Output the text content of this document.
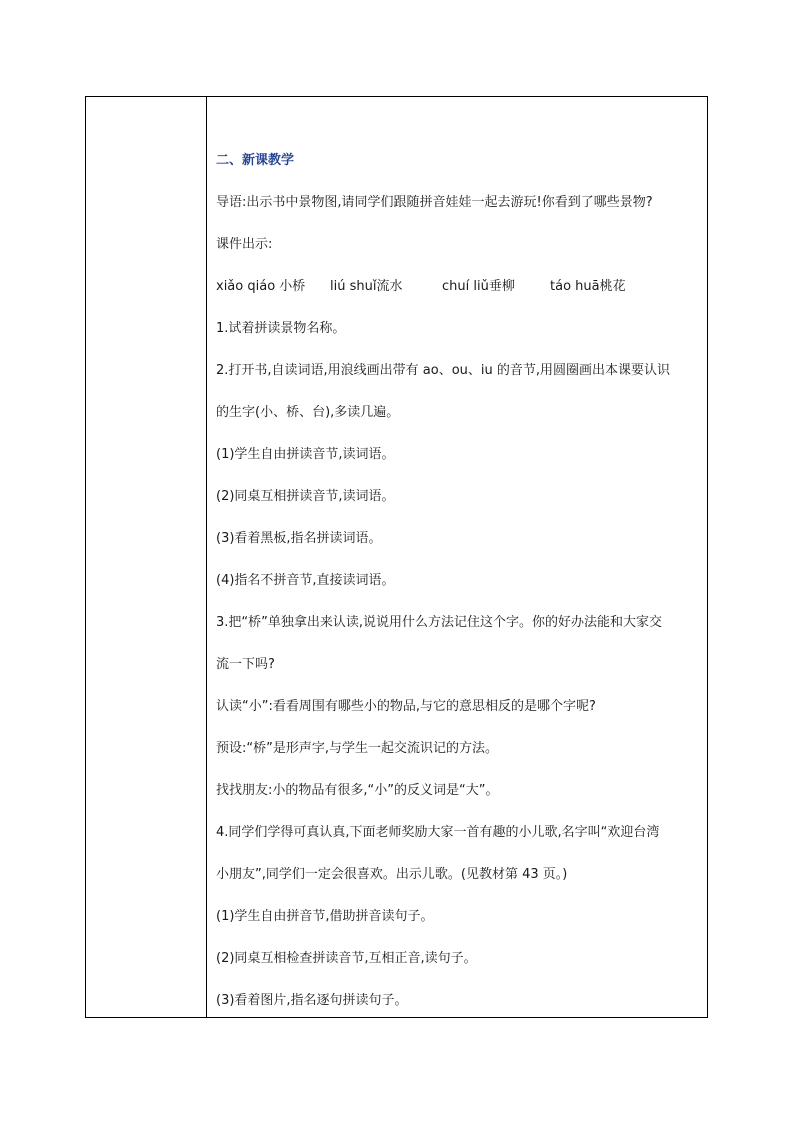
二、新课教学
导语:出示书中景物图,请同学们跟随拼音娃娃一起去游玩!你看到了哪些景物?
课件出示:
xiǎo qiáo 小桥 liú shuǐ流水	chuí liǔ垂柳	táo huā桃花
1.试着拼读景物名称。
2.打开书,自读词语,用浪线画出带有 ao、ou、iu 的音节,用圆圈画出本课要认识
的生字(小、桥、台),多读几遍。
(1)学生自由拼读音节,读词语。
(2)同桌互相拼读音节,读词语。
(3)看着黑板,指名拼读词语。
(4)指名不拼音节,直接读词语。
3.把“桥”单独拿出来认读,说说用什么方法记住这个字。你的好办法能和大家交
流一下吗?
认读“小”:看看周围有哪些小的物品,与它的意思相反的是哪个字呢?
预设:“桥”是形声字,与学生一起交流识记的方法。
找找朋友:小的物品有很多,“小”的反义词是“大”。
4.同学们学得可真认真,下面老师奖励大家一首有趣的小儿歌,名字叫“欢迎台湾
小朋友”,同学们一定会很喜欢。出示儿歌。(见教材第 43 页。)
(1)学生自由拼音节,借助拼音读句子。
(2)同桌互相检查拼读音节,互相正音,读句子。
(3)看着图片,指名逐句拼读句子。
